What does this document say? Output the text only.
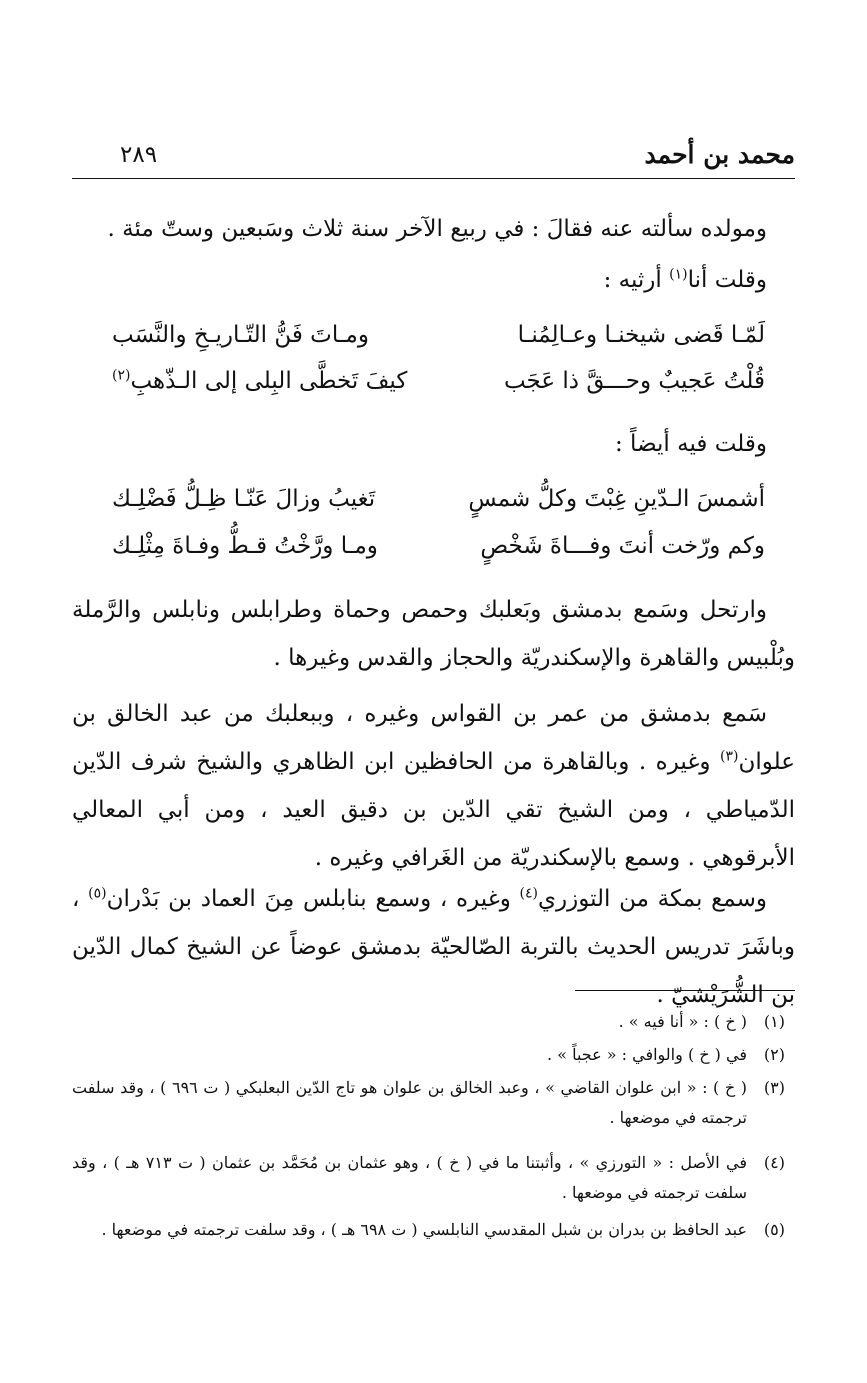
محمد بن أحمد
٢٨٩
ومولده سألته عنه فقالَ : في ربيع الآخر سنة ثلاث وسَبعين وستّ مئة .
وقلت أنا$^{(١)}$ أرثيه :
لَمّـا قَضى شيخنـا وعـالِمُنـا
ومـاتَ فَنُّ التّـاريـخِ والنَّسَب
قُلْتُ عَجيبٌ وحـــقَّ ذا عَجَب
كيفَ تَخطَّى البِلى إلى الـذّهبِ$^{(٢)}$
وقلت فيه أيضاً :
أشمسَ الـدّينِ غِبْتَ وكلُّ شمسٍ
تَغيبُ وزالَ عَنّـا ظِـلُّ فَضْلِـك
وكم ورّخت أنتَ وفـــاةَ شَخْصٍ
ومـا ورَّخْتُ قـطُّ وفـاةَ مِثْلِـك
وارتحل وسَمع بدمشق وبَعلبك وحمص وحماة وطرابلس ونابلس والرَّملة وبُلْبيس والقاهرة والإسكندريّة والحجاز والقدس وغيرها .
سَمع بدمشق من عمر بن القواس وغيره ، وببعلبك من عبد الخالق بن علوان$^{(٣)}$ وغيره . وبالقاهرة من الحافظين ابن الظاهري والشيخ شرف الدّين الدّمياطي ، ومن الشيخ تقي الدّين بن دقيق العيد ، ومن أبي المعالي الأبرقوهي . وسمع بالإسكندريّة من الغَرافي وغيره .
وسمع بمكة من التوزري$^{(٤)}$ وغيره ، وسمع بنابلس مِنَ العماد بن بَدْران$^{(٥)}$ ، وباشَرَ تدريس الحديث بالتربة الصّالحيّة بدمشق عوضاً عن الشيخ كمال الدّين بن الشُّرَيْشيّ .
(١)
( خ ) : « أنا فيه » .
(٢)
في ( خ ) والوافي : « عجباً » .
(٣)
( خ ) : « ابن علوان القاضي » ، وعبد الخالق بن علوان هو تاج الدّين البعلبكي ( ت ٦٩٦ ) ، وقد سلفت ترجمته في موضعها .
(٤)
في الأصل : « التورزي » ، وأثبتنا ما في ( خ ) ، وهو عثمان بن مُحَمَّد بن عثمان ( ت ٧١٣ هـ ) ، وقد سلفت ترجمته في موضعها .
(٥)
عبد الحافظ بن بدران بن شبل المقدسي النابلسي ( ت ٦٩٨ هـ ) ، وقد سلفت ترجمته في موضعها .
